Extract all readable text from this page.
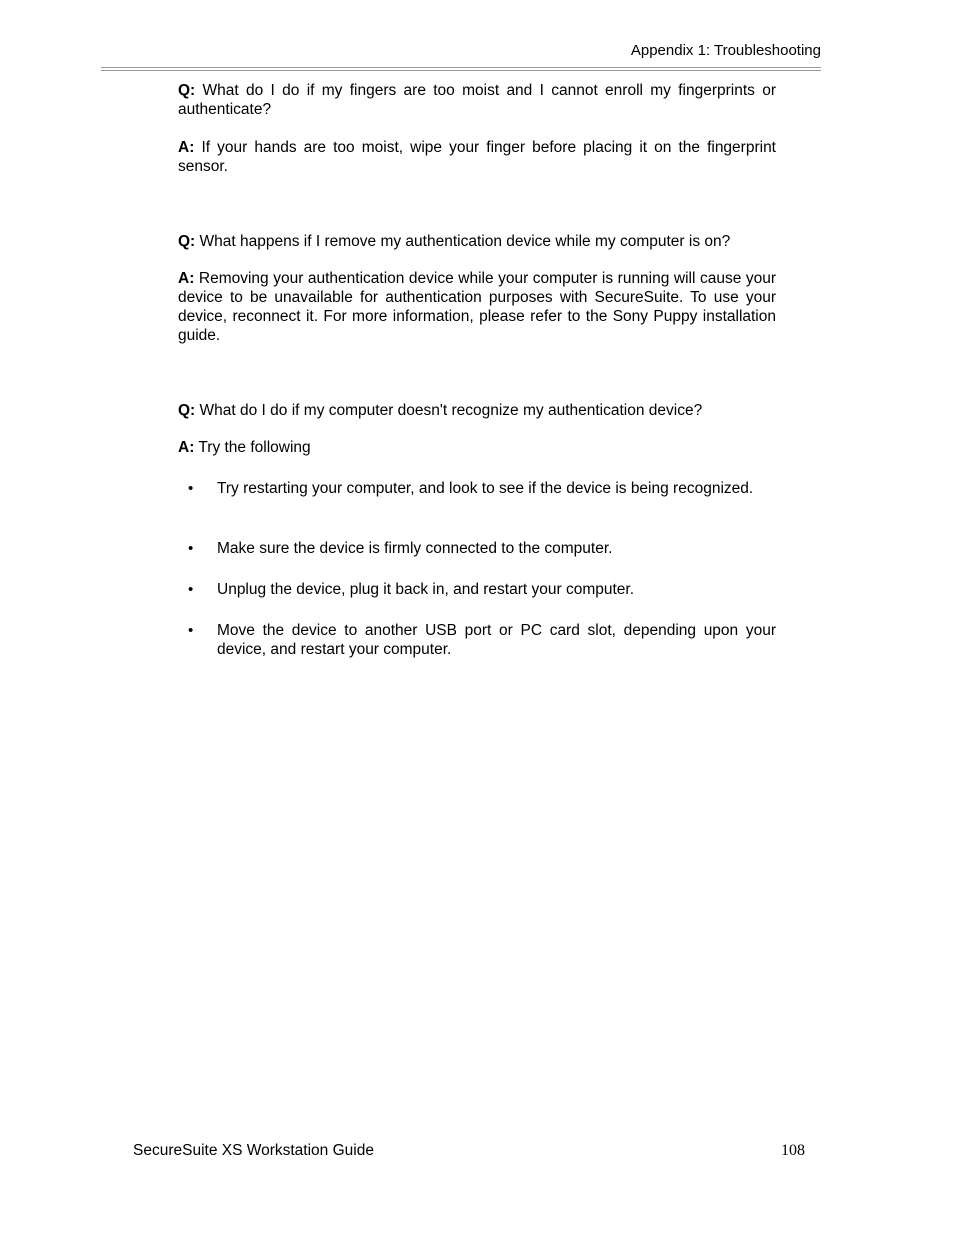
Appendix 1: Troubleshooting

Q: What do I do if my fingers are too moist and I cannot enroll my fingerprints or authenticate?

A: If your hands are too moist, wipe your finger before placing it on the fingerprint sensor.

Q: What happens if I remove my authentication device while my computer is on?

A: Removing your authentication device while your computer is running will cause your device to be unavailable for authentication purposes with SecureSuite. To use your device, reconnect it. For more information, please refer to the Sony Puppy installation guide.

Q: What do I do if my computer doesn't recognize my authentication device?

A: Try the following

• Try restarting your computer, and look to see if the device is being recognized.
• Make sure the device is firmly connected to the computer.
• Unplug the device, plug it back in, and restart your computer.
• Move the device to another USB port or PC card slot, depending upon your device, and restart your computer.
SecureSuite XS Workstation Guide	108
